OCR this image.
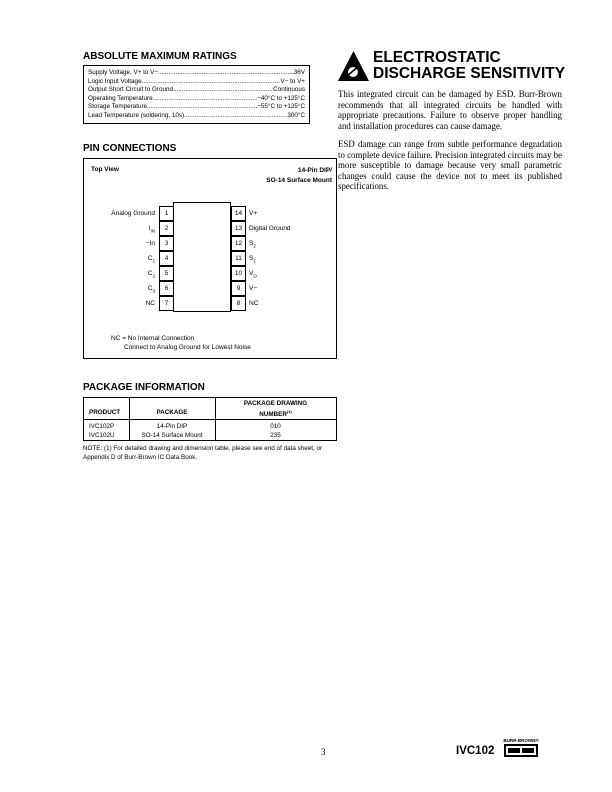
ABSOLUTE MAXIMUM RATINGS
Supply Voltage, V+ to V− .....	36V
Logic Input Voltage .....	V− to V+
Output Short Circuit to Ground .....	Continuous
Operating Temperature .....	−40°C to +125°C
Storage Temperature .....	−55°C to +125°C
Lead Temperature (soldering, 10s) .....	300°C
PIN CONNECTIONS
Top View	14-Pin DIP/
SO-14 Surface Mount
1
Analog Ground
2
$I_{IN}$
3
−In
4
$C_1$
5
$C_2$
6
$C_3$
7
NC
14	V+
13	Digital Ground
12	$S_2$
11	$S_1$
10	$V_O$
9	V−
8	NC
NC = No Internal Connection
Connect to Analog Ground for Lowest Noise
PACKAGE INFORMATION
PRODUCT	PACKAGE
PACKAGE DRAWING
NUMBER$^{(1)}$
IVC102P	14-Pin DIP	010
IVC102U	SO-14 Surface Mount	235
NOTE: (1) For detailed drawing and dimension table, please see end of data sheet, or Appendix D of Burr-Brown IC Data Book.
ELECTROSTATIC
DISCHARGE SENSITIVITY
This integrated circuit can be damaged by ESD. Burr-Brown recommends that all integrated circuits be handled with appropriate precautions. Failure to observe proper handling and installation procedures can cause damage.
ESD damage can range from subtle performance degradation to complete device failure. Precision integrated circuits may be more susceptible to damage because very small parametric changes could cause the device not to meet its published specifications.
3	IVC102
BURR-BROWN®
